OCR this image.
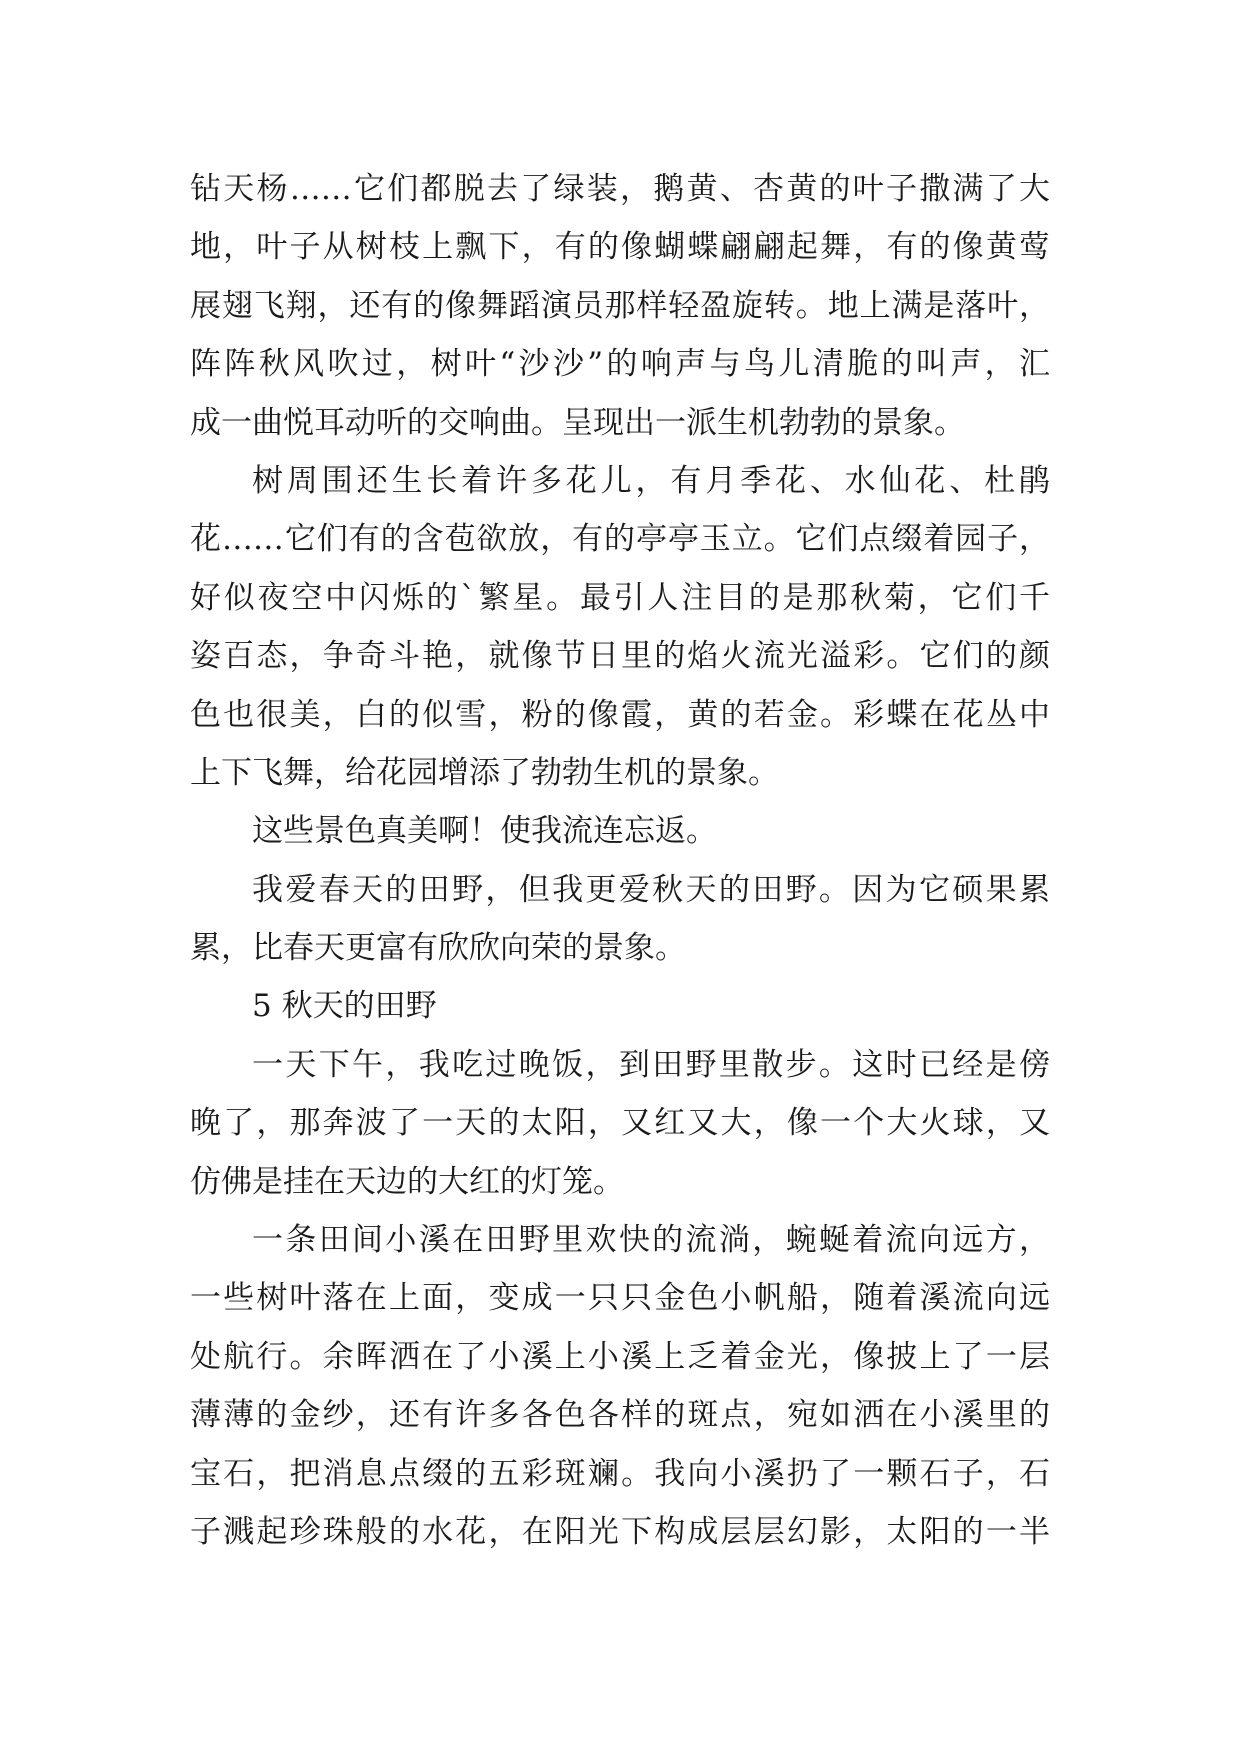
钻天杨……它们都脱去了绿装，鹅黄、杏黄的叶子撒满了大
地，叶子从树枝上飘下，有的像蝴蝶翩翩起舞，有的像黄莺
展翅飞翔，还有的像舞蹈演员那样轻盈旋转。地上满是落叶，
阵阵秋风吹过，树叶“沙沙”的响声与鸟儿清脆的叫声，汇
成一曲悦耳动听的交响曲。呈现出一派生机勃勃的景象。
树周围还生长着许多花儿，有月季花、水仙花、杜鹃
花……它们有的含苞欲放，有的亭亭玉立。它们点缀着园子，
好似夜空中闪烁的`繁星。最引人注目的是那秋菊，它们千
姿百态，争奇斗艳，就像节日里的焰火流光溢彩。它们的颜
色也很美，白的似雪，粉的像霞，黄的若金。彩蝶在花丛中
上下飞舞，给花园增添了勃勃生机的景象。
这些景色真美啊！使我流连忘返。
我爱春天的田野，但我更爱秋天的田野。因为它硕果累
累，比春天更富有欣欣向荣的景象。
5 秋天的田野
一天下午，我吃过晚饭，到田野里散步。这时已经是傍
晚了，那奔波了一天的太阳，又红又大，像一个大火球，又
仿佛是挂在天边的大红的灯笼。
一条田间小溪在田野里欢快的流淌，蜿蜒着流向远方，
一些树叶落在上面，变成一只只金色小帆船，随着溪流向远
处航行。余晖洒在了小溪上小溪上乏着金光，像披上了一层
薄薄的金纱，还有许多各色各样的斑点，宛如洒在小溪里的
宝石，把消息点缀的五彩斑斓。我向小溪扔了一颗石子，石
子溅起珍珠般的水花，在阳光下构成层层幻影，太阳的一半
